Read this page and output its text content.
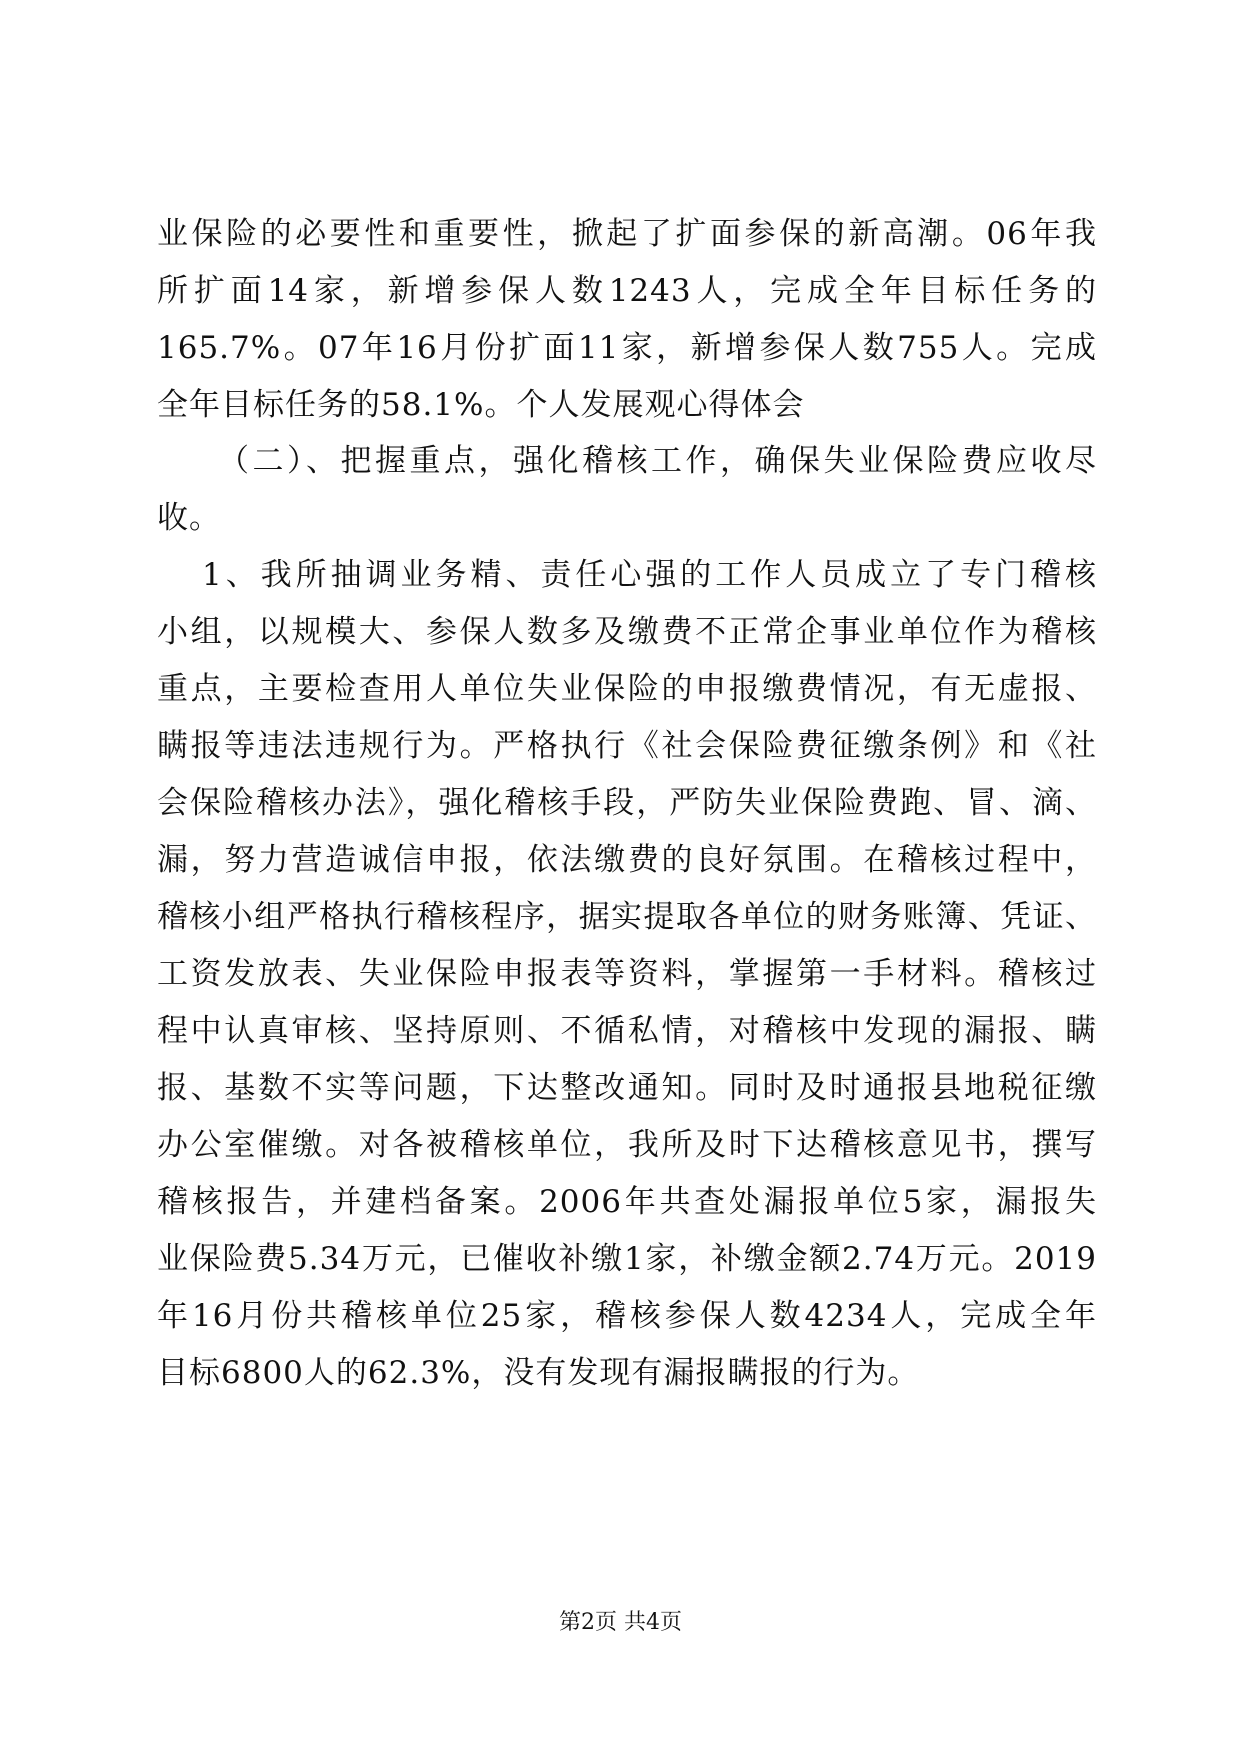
业保险的必要性和重要性，掀起了扩面参保的新高潮。06年我
所扩面14家，新增参保人数1243人，完成全年目标任务的
165.7%。07年16月份扩面11家，新增参保人数755人。完成
全年目标任务的58.1%。个人发展观心得体会
（二）、把握重点，强化稽核工作，确保失业保险费应收尽
收。
1、我所抽调业务精、责任心强的工作人员成立了专门稽核
小组，以规模大、参保人数多及缴费不正常企事业单位作为稽核
重点，主要检查用人单位失业保险的申报缴费情况，有无虚报、
瞒报等违法违规行为。严格执行《社会保险费征缴条例》和《社
会保险稽核办法》，强化稽核手段，严防失业保险费跑、冒、滴、
漏，努力营造诚信申报，依法缴费的良好氛围。在稽核过程中，
稽核小组严格执行稽核程序，据实提取各单位的财务账簿、凭证、
工资发放表、失业保险申报表等资料，掌握第一手材料。稽核过
程中认真审核、坚持原则、不循私情，对稽核中发现的漏报、瞒
报、基数不实等问题，下达整改通知。同时及时通报县地税征缴
办公室催缴。对各被稽核单位，我所及时下达稽核意见书，撰写
稽核报告，并建档备案。2006年共查处漏报单位5家，漏报失
业保险费5.34万元，已催收补缴1家，补缴金额2.74万元。2019
年16月份共稽核单位25家，稽核参保人数4234人，完成全年
目标6800人的62.3%，没有发现有漏报瞒报的行为。
第2页 共4页
